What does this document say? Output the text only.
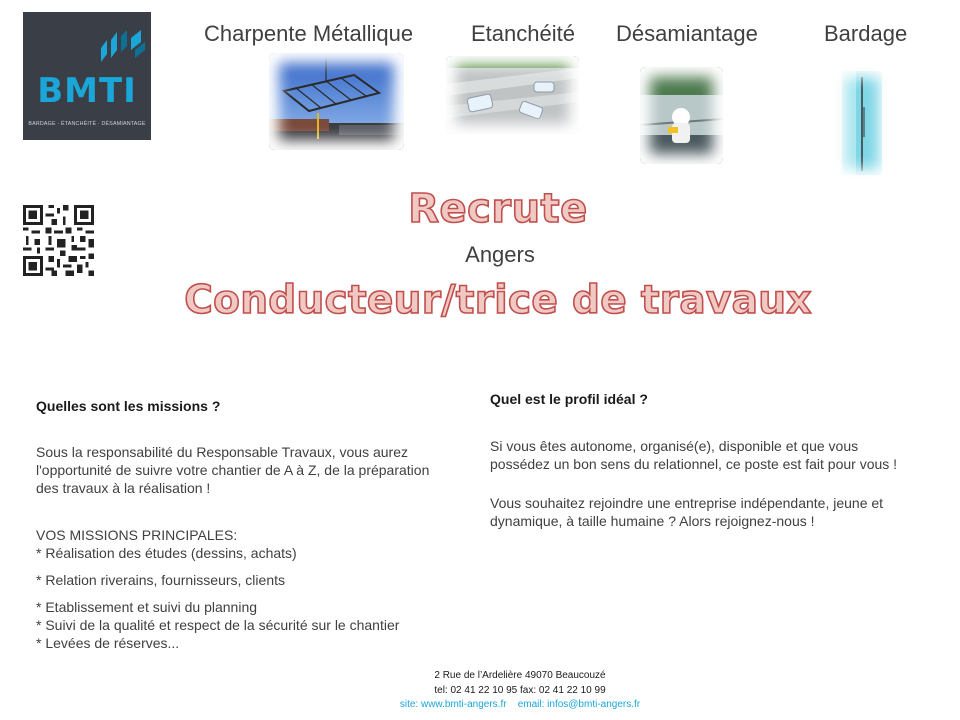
BMTI
BARDAGE · ÉTANCHÉITÉ · DÉSAMIANTAGE
Charpente Métallique	Etanchéité Désamiantage	Bardage
Recrute
Angers
Conducteur/trice de travaux
Quelles sont les missions ?
Sous la responsabilité du Responsable Travaux, vous aurez
l'opportunité de suivre votre chantier de A à Z, de la préparation
des travaux à la réalisation !
VOS MISSIONS PRINCIPALES:
* Réalisation des études (dessins, achats)
* Relation riverains, fournisseurs, clients
* Etablissement et suivi du planning
* Suivi de la qualité et respect de la sécurité sur le chantier
* Levées de réserves...
Quel est le profil idéal ?
Si vous êtes autonome, organisé(e), disponible et que vous
possédez un bon sens du relationnel, ce poste est fait pour vous !
Vous souhaitez rejoindre une entreprise indépendante, jeune et
dynamique, à taille humaine ? Alors rejoignez-nous !
2 Rue de l’Ardelière 49070 Beaucouzé
tel: 02 41 22 10 95 fax: 02 41 22 10 99
site: www.bmti-angers.fr email: infos@bmti-angers.fr
